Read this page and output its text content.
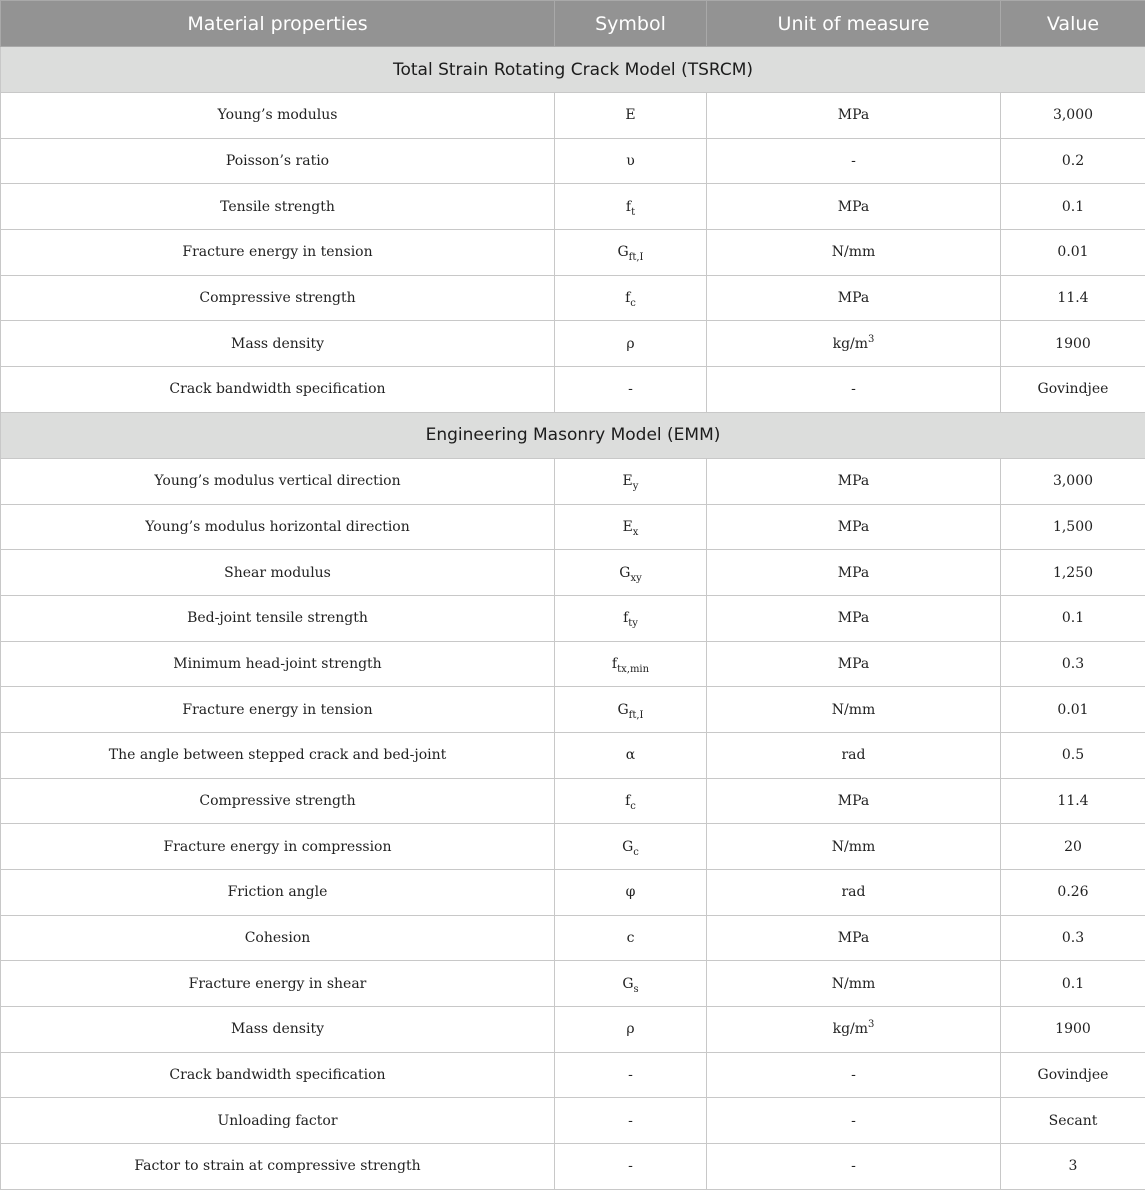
Material properties	Symbol	Unit of measure	Value
Total Strain Rotating Crack Model (TSRCM)			
Young’s modulus	E	MPa	3,000
Poisson’s ratio	υ	-	0.2
Tensile strength	$f_t$	MPa	0.1
Fracture energy in tension	$G_{ft,I}$	N/mm	0.01
Compressive strength	$f_c$	MPa	11.4
Mass density	ρ	$kg/m^3$	1900
Crack bandwidth specification	-	-	Govindjee
Engineering Masonry Model (EMM)			
Young’s modulus vertical direction	$E_y$	MPa	3,000
Young’s modulus horizontal direction	$E_x$	MPa	1,500
Shear modulus	$G_{xy}$	MPa	1,250
Bed-joint tensile strength	$f_{ty}$	MPa	0.1
Minimum head-joint strength	$f_{tx,min}$	MPa	0.3
Fracture energy in tension	$G_{ft,I}$	N/mm	0.01
The angle between stepped crack and bed-joint	α	rad	0.5
Compressive strength	$f_c$	MPa	11.4
Fracture energy in compression	$G_c$	N/mm	20
Friction angle	φ	rad	0.26
Cohesion	c	MPa	0.3
Fracture energy in shear	$G_s$	N/mm	0.1
Mass density	ρ	$kg/m^3$	1900
Crack bandwidth specification	-	-	Govindjee
Unloading factor	-	-	Secant
Factor to strain at compressive strength	-	-	3
